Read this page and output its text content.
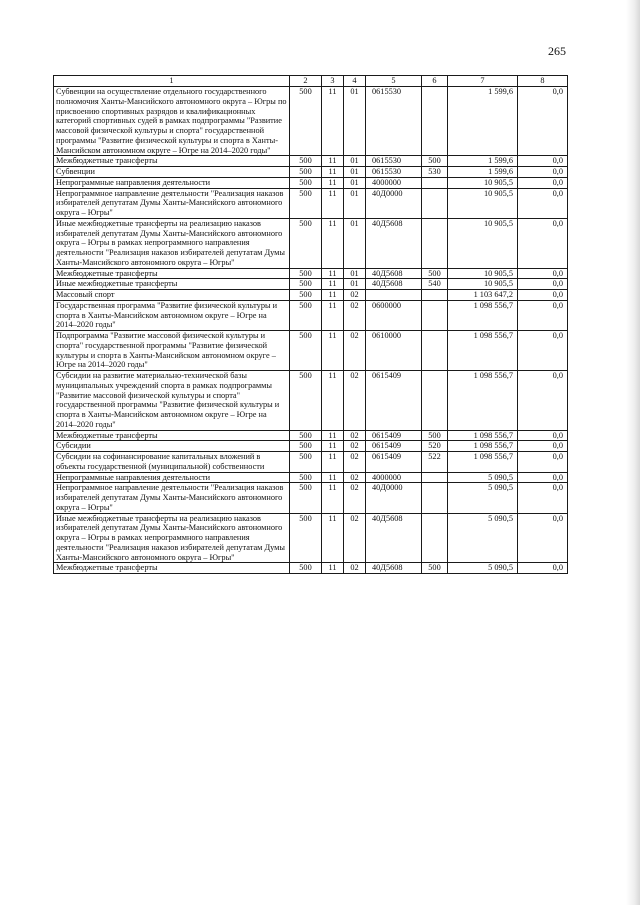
265
1	2	3	4	5	6	7	8
Субвенции на осуществление отдельного государственного полномочия Ханты-Мансийского автономного округа – Югры по присвоению спортивных разрядов и квалификационных категорий спортивных судей в рамках подпрограммы "Развитие массовой физической культуры и спорта" государственной программы "Развитие физической культуры и спорта в Ханты-Мансийском автономном округе – Югре на 2014–2020 годы"	500	11	01	0615530		1 599,6	0,0
Межбюджетные трансферты	500	11	01	0615530	500	1 599,6	0,0
Субвенции	500	11	01	0615530	530	1 599,6	0,0
Непрограммные направления деятельности	500	11	01	4000000		10 905,5	0,0
Непрограммное направление деятельности "Реализация наказов избирателей депутатам Думы Ханты-Мансийского автономного округа – Югры"	500	11	01	40Д0000		10 905,5	0,0
Иные межбюджетные трансферты на реализацию наказов избирателей депутатам Думы Ханты-Мансийского автономного округа – Югры в рамках непрограммного направления деятельности "Реализация наказов избирателей депутатам Думы Ханты-Мансийского автономного округа – Югры"	500	11	01	40Д5608		10 905,5	0,0
Межбюджетные трансферты	500	11	01	40Д5608	500	10 905,5	0,0
Иные межбюджетные трансферты	500	11	01	40Д5608	540	10 905,5	0,0
Массовый спорт	500	11	02			1 103 647,2	0,0
Государственная программа "Развитие физической культуры и спорта в Ханты-Мансийском автономном округе – Югре на 2014–2020 годы"	500	11	02	0600000		1 098 556,7	0,0
Подпрограмма "Развитие массовой физической культуры и спорта" государственной программы "Развитие физической культуры и спорта в Ханты-Мансийском автономном округе – Югре на 2014–2020 годы"	500	11	02	0610000		1 098 556,7	0,0
Субсидии на развитие материально-технической базы муниципальных учреждений спорта в рамках подпрограммы "Развитие массовой физической культуры и спорта" государственной программы "Развитие физической культуры и спорта в Ханты-Мансийском автономном округе – Югре на 2014–2020 годы"	500	11	02	0615409		1 098 556,7	0,0
Межбюджетные трансферты	500	11	02	0615409	500	1 098 556,7	0,0
Субсидии	500	11	02	0615409	520	1 098 556,7	0,0
Субсидии на софинансирование капитальных вложений в объекты государственной (муниципальной) собственности	500	11	02	0615409	522	1 098 556,7	0,0
Непрограммные направления деятельности	500	11	02	4000000		5 090,5	0,0
Непрограммное направление деятельности "Реализация наказов избирателей депутатам Думы Ханты-Мансийского автономного округа – Югры"	500	11	02	40Д0000		5 090,5	0,0
Иные межбюджетные трансферты на реализацию наказов избирателей депутатам Думы Ханты-Мансийского автономного округа – Югры в рамках непрограммного направления деятельности "Реализация наказов избирателей депутатам Думы Ханты-Мансийского автономного округа – Югры"	500	11	02	40Д5608		5 090,5	0,0
Межбюджетные трансферты	500	11	02	40Д5608	500	5 090,5	0,0
